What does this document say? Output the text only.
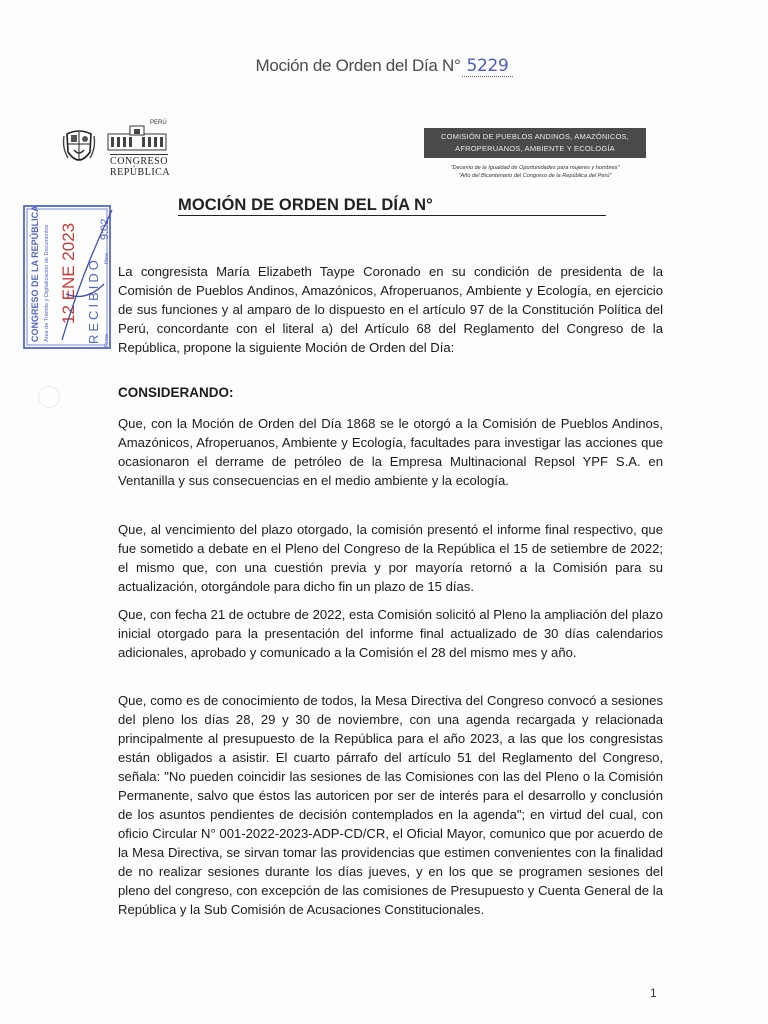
Moción de Orden del Día N° 5229
PERÚ
CONGRESO
REPÚBLICA
COMISIÓN DE PUEBLOS ANDINOS, AMAZÓNICOS,
AFROPERUANOS, AMBIENTE Y ECOLOGÍA
"Decenio de la Igualdad de Oportunidades para mujeres y hombres"
"Año del Bicentenario del Congreso de la República del Perú"
MOCIÓN DE ORDEN DEL DÍA N°
CONGRESO DE LA REPÚBLICA Área de Trámite y Digitalización de Documentos 12 ENE 2023 RECIBIDO Firma
Hora
9:02

La congresista María Elizabeth Taype Coronado en su condición de presidenta de la Comisión de Pueblos Andinos, Amazónicos, Afroperuanos, Ambiente y Ecología, en ejercicio de sus funciones y al amparo de lo dispuesto en el artículo 97 de la Constitución Política del Perú, concordante con el literal a) del Artículo 68 del Reglamento del Congreso de la República, propone la siguiente Moción de Orden del Día:

CONSIDERANDO:

Que, con la Moción de Orden del Día 1868 se le otorgó a la Comisión de Pueblos Andinos, Amazónicos, Afroperuanos, Ambiente y Ecología, facultades para investigar las acciones que ocasionaron el derrame de petróleo de la Empresa Multinacional Repsol YPF S.A. en Ventanilla y sus consecuencias en el medio ambiente y la ecología.

Que, al vencimiento del plazo otorgado, la comisión presentó el informe final respectivo, que fue sometido a debate en el Pleno del Congreso de la República el 15 de setiembre de 2022; el mismo que, con una cuestión previa y por mayoría retornó a la Comisión para su actualización, otorgándole para dicho fin un plazo de 15 días.

Que, con fecha 21 de octubre de 2022, esta Comisión solicitó al Pleno la ampliación del plazo inicial otorgado para la presentación del informe final actualizado de 30 días calendarios adicionales, aprobado y comunicado a la Comisión el 28 del mismo mes y año.

Que, como es de conocimiento de todos, la Mesa Directiva del Congreso convocó a sesiones del pleno los días 28, 29 y 30 de noviembre, con una agenda recargada y relacionada principalmente al presupuesto de la República para el año 2023, a las que los congresistas están obligados a asistir. El cuarto párrafo del artículo 51 del Reglamento del Congreso, señala: "No pueden coincidir las sesiones de las Comisiones con las del Pleno o la Comisión Permanente, salvo que éstos las autoricen por ser de interés para el desarrollo y conclusión de los asuntos pendientes de decisión contemplados en la agenda"; en virtud del cual, con oficio Circular N° 001-2022-2023-ADP-CD/CR, el Oficial Mayor, comunico que por acuerdo de la Mesa Directiva, se sirvan tomar las providencias que estimen convenientes con la finalidad de no realizar sesiones durante los días jueves, y en los que se programen sesiones del pleno del congreso, con excepción de las comisiones de Presupuesto y Cuenta General de la República y la Sub Comisión de Acusaciones Constitucionales.

1
